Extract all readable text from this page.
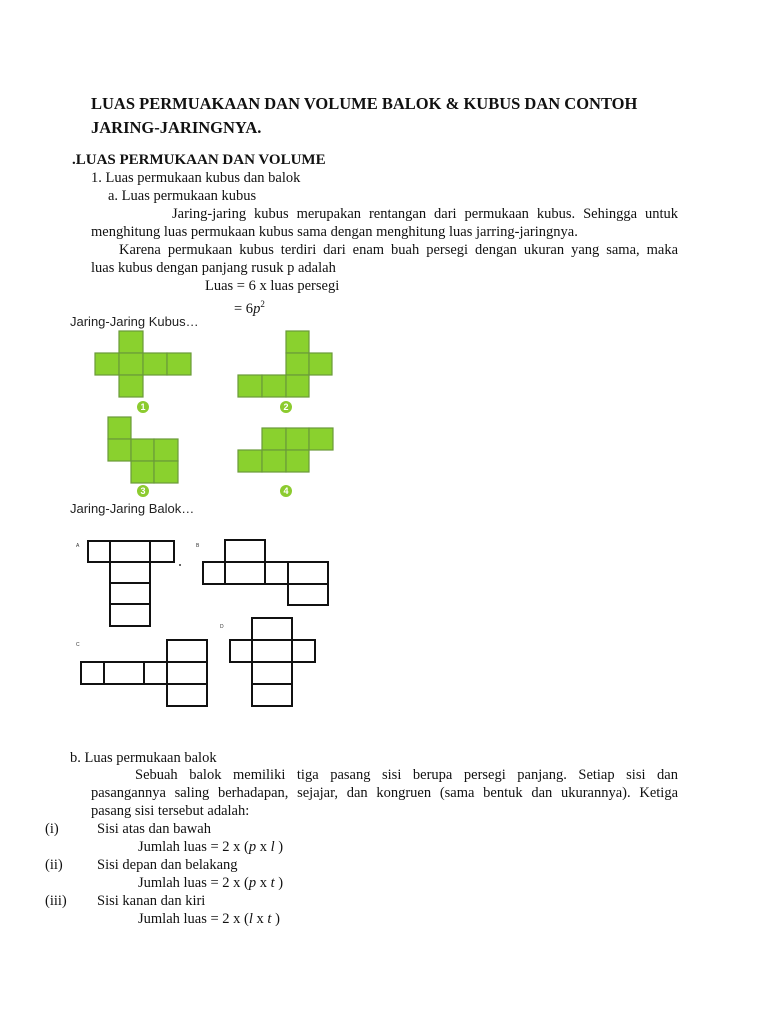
LUAS PERMUAKAAN DAN VOLUME BALOK & KUBUS DAN CONTOH
JARING-JARINGNYA.
.LUAS PERMUKAAN DAN VOLUME
1. Luas permukaan kubus dan balok
a. Luas permukaan kubus
Jaring-jaring kubus merupakan rentangan dari permukaan kubus. Sehingga untuk
menghitung luas permukaan kubus sama dengan menghitung luas jarring-jaringnya.
Karena permukaan kubus terdiri dari enam buah persegi dengan ukuran yang sama, maka
luas kubus dengan panjang rusuk p adalah
Luas = 6 x luas persegi
= $6p^2$
Jaring-Jaring Kubus…
1	2
3	4
Jaring-Jaring Balok…
A	B
C
D
b. Luas permukaan balok
Sebuah balok memiliki tiga pasang sisi berupa persegi panjang. Setiap sisi dan
pasangannya saling berhadapan, sejajar, dan kongruen (sama bentuk dan ukurannya). Ketiga
pasang sisi tersebut adalah:
(i)	Sisi atas dan bawah
Jumlah luas = 2 x (p x l )
(ii) Sisi depan dan belakang
Jumlah luas = 2 x (p x t )
(iii) Sisi kanan dan kiri
Jumlah luas = 2 x (l x t )
